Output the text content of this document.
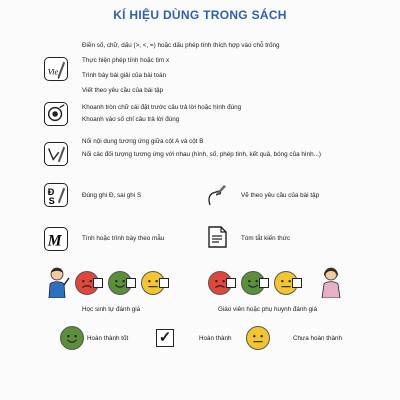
KÍ HIỆU DÙNG TRONG SÁCH
Vie
Điền số, chữ, dấu (>, <, =) hoặc dấu phép tính thích hợp vào chỗ trống
Thực hiện phép tính hoặc tìm x
Trình bày bài giải của bài toán
Viết theo yêu cầu của bài tập
Khoanh tròn chữ cái đặt trước câu trả lời hoặc hình đúng
Khoanh vào số chỉ câu trả lời đúng
Nối nội dung tương ứng giữa cột A và cột B
Nối các đối tượng tương ứng với nhau (hình, số, phép tính, kết quả, bóng của hình...)
Đ
S
Đúng ghi Đ, sai ghi S	Vẽ theo yêu cầu của bài tập
M	Tính hoặc trình bày theo mẫu	Tóm tắt kiến thức
Học sinh tự đánh giá	Giáo viên hoặc phụ huynh đánh giá
Hoàn thành tốt ✓	Hoàn thành	Chưa hoàn thành
